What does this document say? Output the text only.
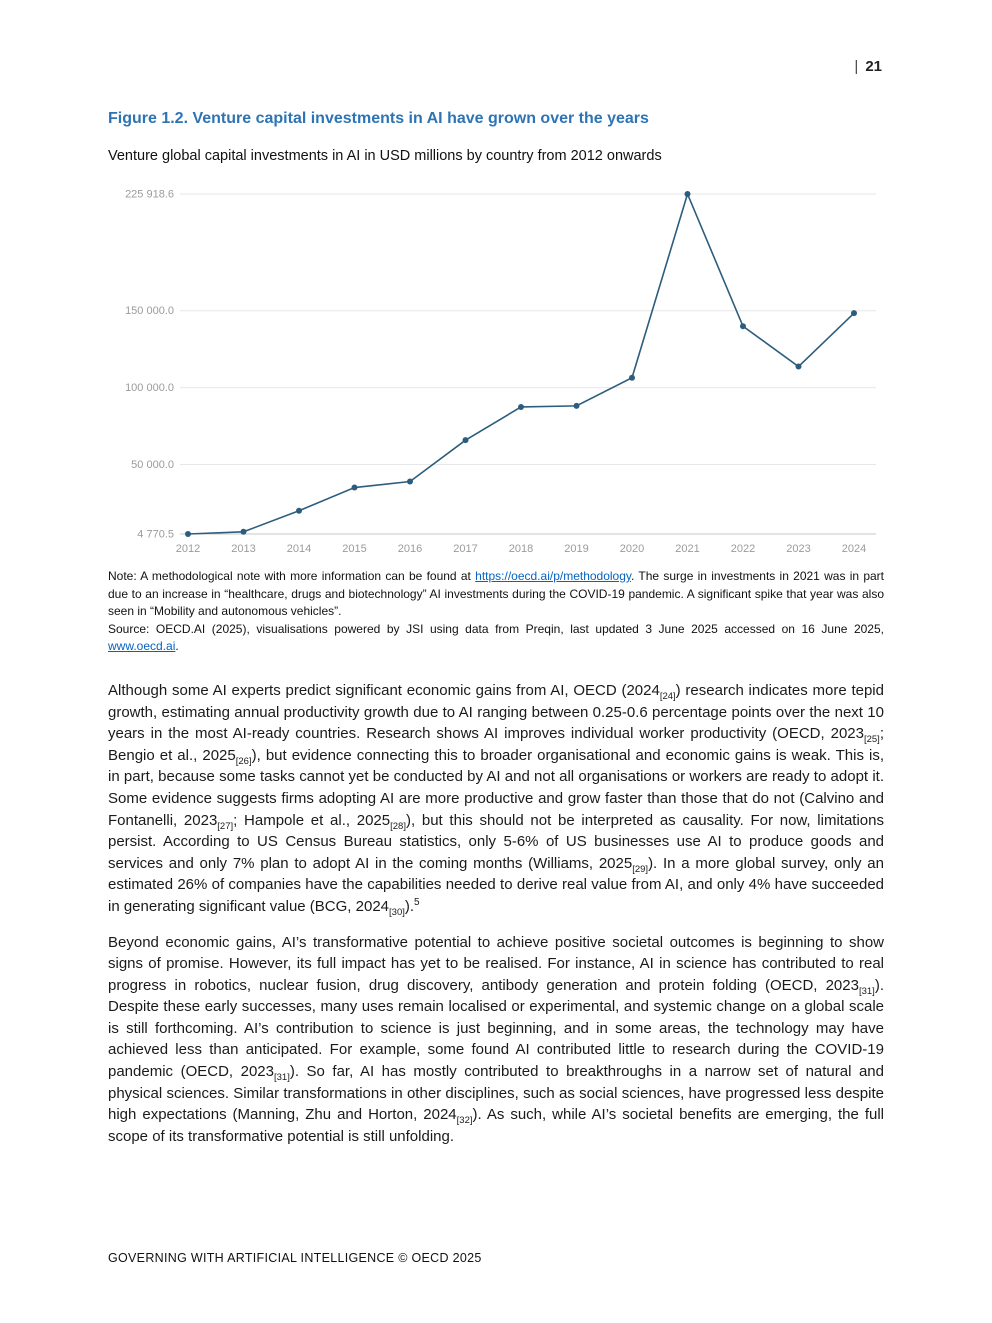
| 21
Figure 1.2. Venture capital investments in AI have grown over the years

Venture global capital investments in AI in USD millions by country from 2012 onwards

4 770.5
50 000.0
100 000.0
150 000.0
225 918.6
2012	2013	2014	2015	2016	2017	2018	2019	2020	2021	2022	2023	2024
Note: A methodological note with more information can be found at https://oecd.ai/p/methodology. The surge in investments in 2021 was in part due to an increase in “healthcare, drugs and biotechnology” AI investments during the COVID-19 pandemic. A significant spike that year was also seen in “Mobility and autonomous vehicles”.
Source: OECD.AI (2025), visualisations powered by JSI using data from Preqin, last updated 3 June 2025 accessed on 16 June 2025, www.oecd.ai.

Although some AI experts predict significant economic gains from AI, OECD $(2024_{[24]})$ research indicates more tepid growth, estimating annual productivity growth due to AI ranging between 0.25-0.6 percentage points over the next 10 years in the most AI-ready countries. Research shows AI improves individual worker productivity (OECD, $2023_{[25]}$; Bengio et al., $2025_{[26]}$), but evidence connecting this to broader organisational and economic gains is weak. This is, in part, because some tasks cannot yet be conducted by AI and not all organisations or workers are ready to adopt it. Some evidence suggests firms adopting AI are more productive and grow faster than those that do not (Calvino and Fontanelli, $2023_{[27]}$; Hampole et al., $2025_{[28]}$), but this should not be interpreted as causality. For now, limitations persist. According to US Census Bureau statistics, only 5-6% of US businesses use AI to produce goods and services and only 7% plan to adopt AI in the coming months (Williams, $2025_{[29]}$). In a more global survey, only an estimated 26% of companies have the capabilities needed to derive real value from AI, and only 4% have succeeded in generating significant value (BCG, $2024_{[30]}).^5$

Beyond economic gains, AI’s transformative potential to achieve positive societal outcomes is beginning to show signs of promise. However, its full impact has yet to be realised. For instance, AI in science has contributed to real progress in robotics, nuclear fusion, drug discovery, antibody generation and protein folding (OECD, $2023_{[31]}$). Despite these early successes, many uses remain localised or experimental, and systemic change on a global scale is still forthcoming. AI’s contribution to science is just beginning, and in some areas, the technology may have achieved less than anticipated. For example, some found AI contributed little to research during the COVID-19 pandemic (OECD, $2023_{[31]}$). So far, AI has mostly contributed to breakthroughs in a narrow set of natural and physical sciences. Similar transformations in other disciplines, such as social sciences, have progressed less despite high expectations (Manning, Zhu and Horton, $2024_{[32]}$). As such, while AI’s societal benefits are emerging, the full scope of its transformative potential is still unfolding.

GOVERNING WITH ARTIFICIAL INTELLIGENCE © OECD 2025
